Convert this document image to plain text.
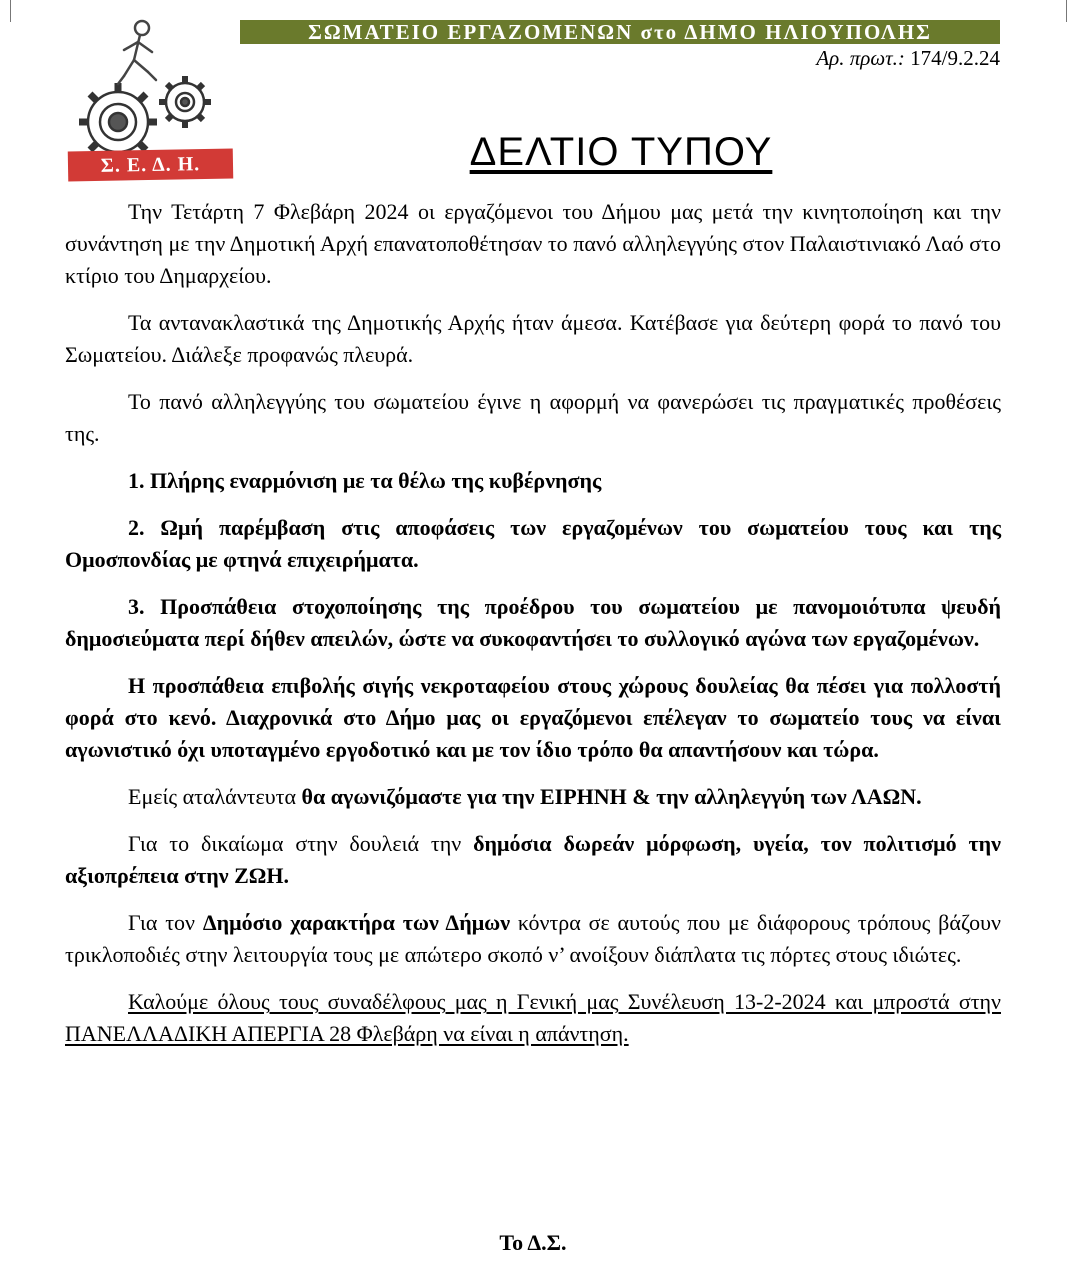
Σ. Ε. Δ. Η.
ΣΩΜΑΤΕΙΟ ΕΡΓΑΖΟΜΕΝΩΝ στο ΔΗΜΟ ΗΛΙΟΥΠΟΛΗΣ
Αρ. πρωτ.: 174/9.2.24
ΔΕΛΤΙΟ ΤΥΠΟΥ

Την Τετάρτη 7 Φλεβάρη 2024 οι εργαζόμενοι του Δήμου μας μετά την κινητοποίηση και την συνάντηση με την Δημοτική Αρχή επανατοποθέτησαν το πανό αλληλεγγύης στον Παλαιστινιακό Λαό στο κτίριο του Δημαρχείου.

Τα αντανακλαστικά της Δημοτικής Αρχής ήταν άμεσα. Κατέβασε για δεύτερη φορά το πανό του Σωματείου. Διάλεξε προφανώς πλευρά.

Το πανό αλληλεγγύης του σωματείου έγινε η αφορμή να φανερώσει τις πραγματικές προθέσεις της.

1. Πλήρης εναρμόνιση με τα θέλω της κυβέρνησης

2. Ωμή παρέμβαση στις αποφάσεις των εργαζομένων του σωματείου τους και της Ομοσπονδίας με φτηνά επιχειρήματα.

3. Προσπάθεια στοχοποίησης της προέδρου του σωματείου με πανομοιότυπα ψευδή δημοσιεύματα περί δήθεν απειλών, ώστε να συκοφαντήσει το συλλογικό αγώνα των εργαζομένων.

Η προσπάθεια επιβολής σιγής νεκροταφείου στους χώρους δουλείας θα πέσει για πολλοστή φορά στο κενό. Διαχρονικά στο Δήμο μας οι εργαζόμενοι επέλεγαν το σωματείο τους να είναι αγωνιστικό όχι υποταγμένο εργοδοτικό και με τον ίδιο τρόπο θα απαντήσουν και τώρα.

Εμείς αταλάντευτα θα αγωνιζόμαστε για την ΕΙΡΗΝΗ & την αλληλεγγύη των ΛΑΩΝ.

Για το δικαίωμα στην δουλειά την δημόσια δωρεάν μόρφωση, υγεία, τον πολιτισμό την αξιοπρέπεια στην ΖΩΗ.

Για τον Δημόσιο χαρακτήρα των Δήμων κόντρα σε αυτούς που με διάφορους τρόπους βάζουν τρικλοποδιές στην λειτουργία τους με απώτερο σκοπό ν’ ανοίξουν διάπλατα τις πόρτες στους ιδιώτες.

Καλούμε όλους τους συναδέλφους μας η Γενική μας Συνέλευση 13-2-2024 και μπροστά στην ΠΑΝΕΛΛΑΔΙΚΗ ΑΠΕΡΓΙΑ 28 Φλεβάρη να είναι η απάντηση.

Το Δ.Σ.
